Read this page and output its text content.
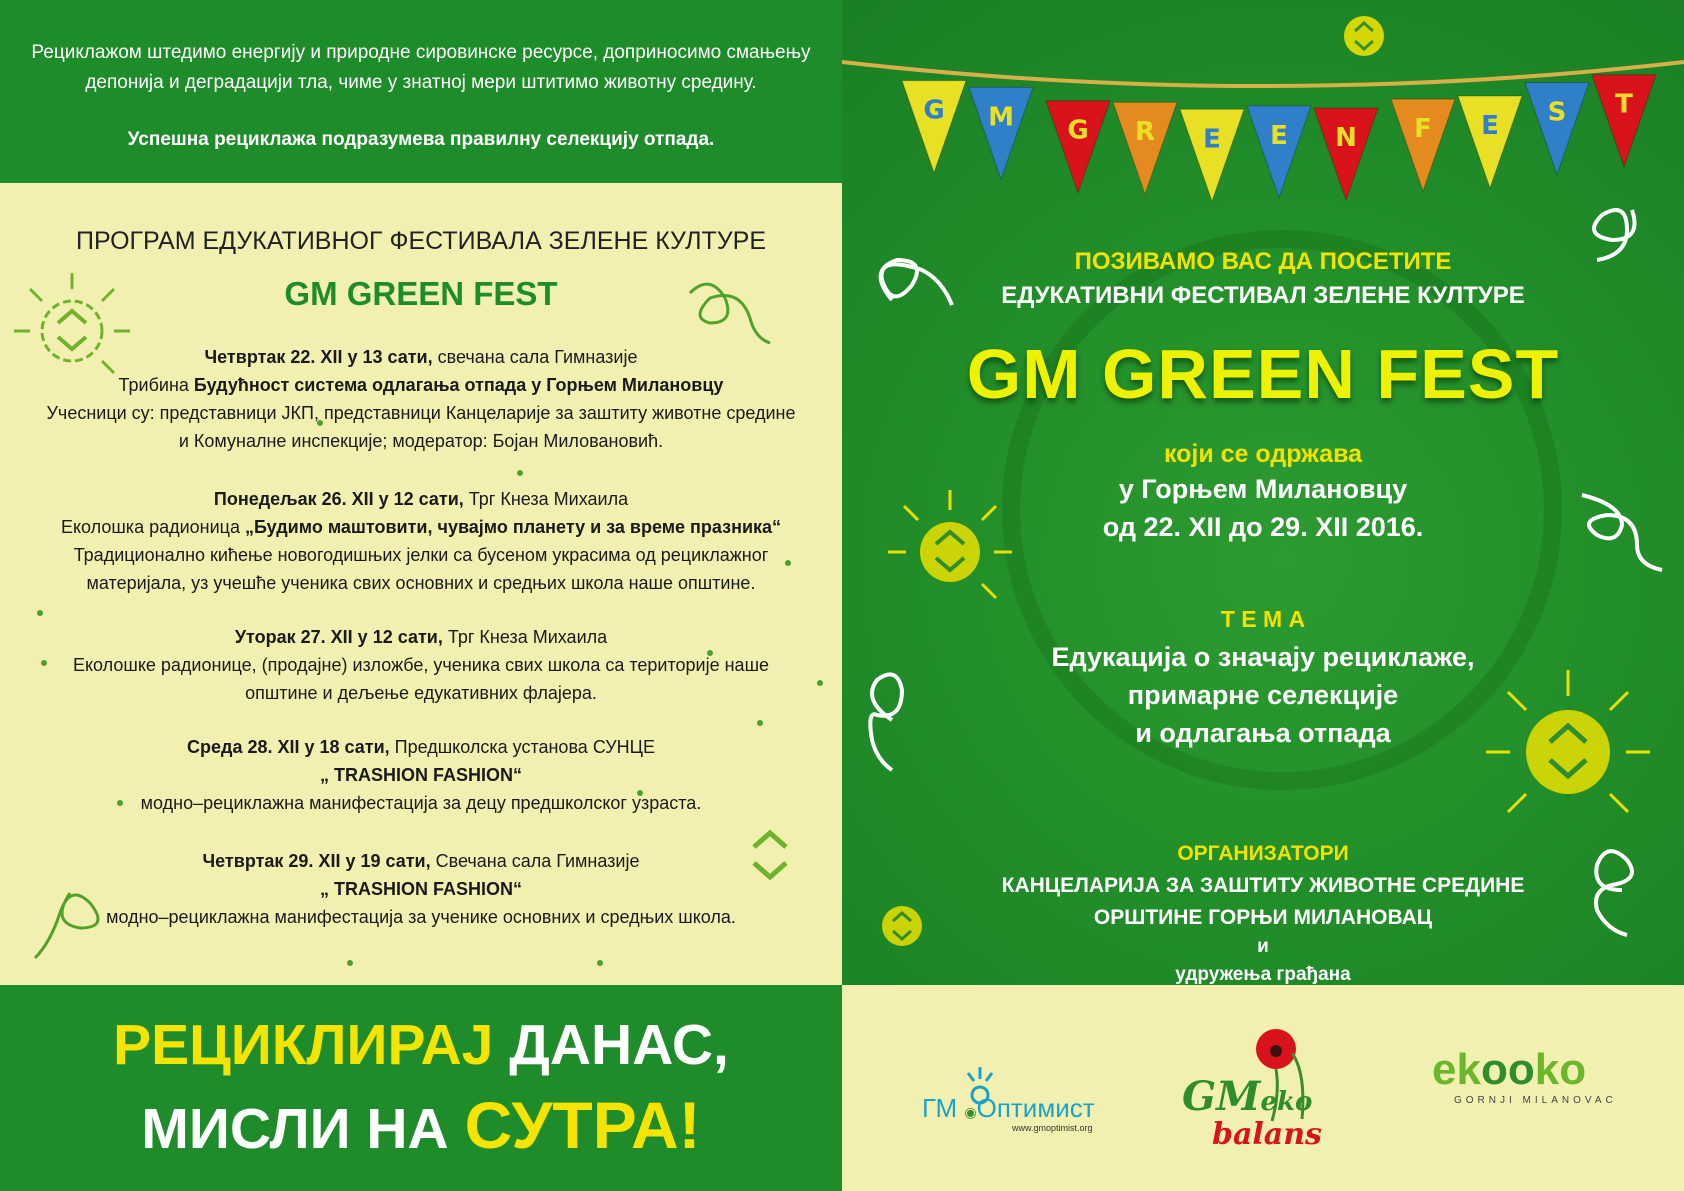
Рециклажом штедимо енергију и природне сировинске ресурсе, доприносимо смањењу
депонија и деградацији тла, чиме у знатној мери штитимо животну средину.
Успешна рециклажа подразумева правилну селекцију отпада.
ПРОГРАМ ЕДУКАТИВНОГ ФЕСТИВАЛА ЗЕЛЕНЕ КУЛТУРЕ
GM GREEN FEST
Четвртак 22. XII у 13 сати, свечана сала Гимназије
Трибина Будућност система одлагања отпада у Горњем Милановцу
Учесници су: представници ЈКП, представници Канцеларије за заштиту животне средине
и Комуналне инспекције; модератор: Бојан Миловановић.
Понедељак 26. XII у 12 сати, Трг Кнеза Михаила
Еколошка радионица „Будимо маштовити, чувајмо планету и за време празника“
Традиционално кићење новогодишњих јелки са бусеном украсима од рециклажног
материјала, уз учешће ученика свих основних и средњих школа наше општине.
Уторак 27. XII у 12 сати, Трг Кнеза Михаила
Еколошке радионице, (продајне) изложбе, ученика свих школа са територије наше
општине и дељење едукативних флајера.
Среда 28. XII у 18 сати, Предшколска установа СУНЦЕ
„ TRASHION FASHION“
модно–рециклажна манифестација за децу предшколског узраста.
Четвртак 29. XII у 19 сати, Свечана сала Гимназије
„ TRASHION FASHION“
модно–рециклажна манифестација за ученике основних и средњих школа.
РЕЦИКЛИРАЈ ДАНАС,
МИСЛИ НА СУТРА!
G M G R E E N F E S T
ПОЗИВАМО ВАС ДА ПОСЕТИТЕ
ЕДУКАТИВНИ ФЕСТИВАЛ ЗЕЛЕНЕ КУЛТУРЕ
GM GREEN FEST
који се одржава
у Горњем Милановцу
од 22. XII до 29. XII 2016.
Т Е М А
Едукација о значају рециклаже,
примарне селекције
и одлагања отпада
ОРГАНИЗАТОРИ
КАНЦЕЛАРИЈА ЗА ЗАШТИТУ ЖИВОТНЕ СРЕДИНЕ
ОРШТИНЕ ГОРЊИ МИЛАНОВАЦ
и
удружења грађана
ГМ ◉Оптимист
www.gmoptimist.org
GMeko
balans
ekooko
GORNJI MILANOVAC
